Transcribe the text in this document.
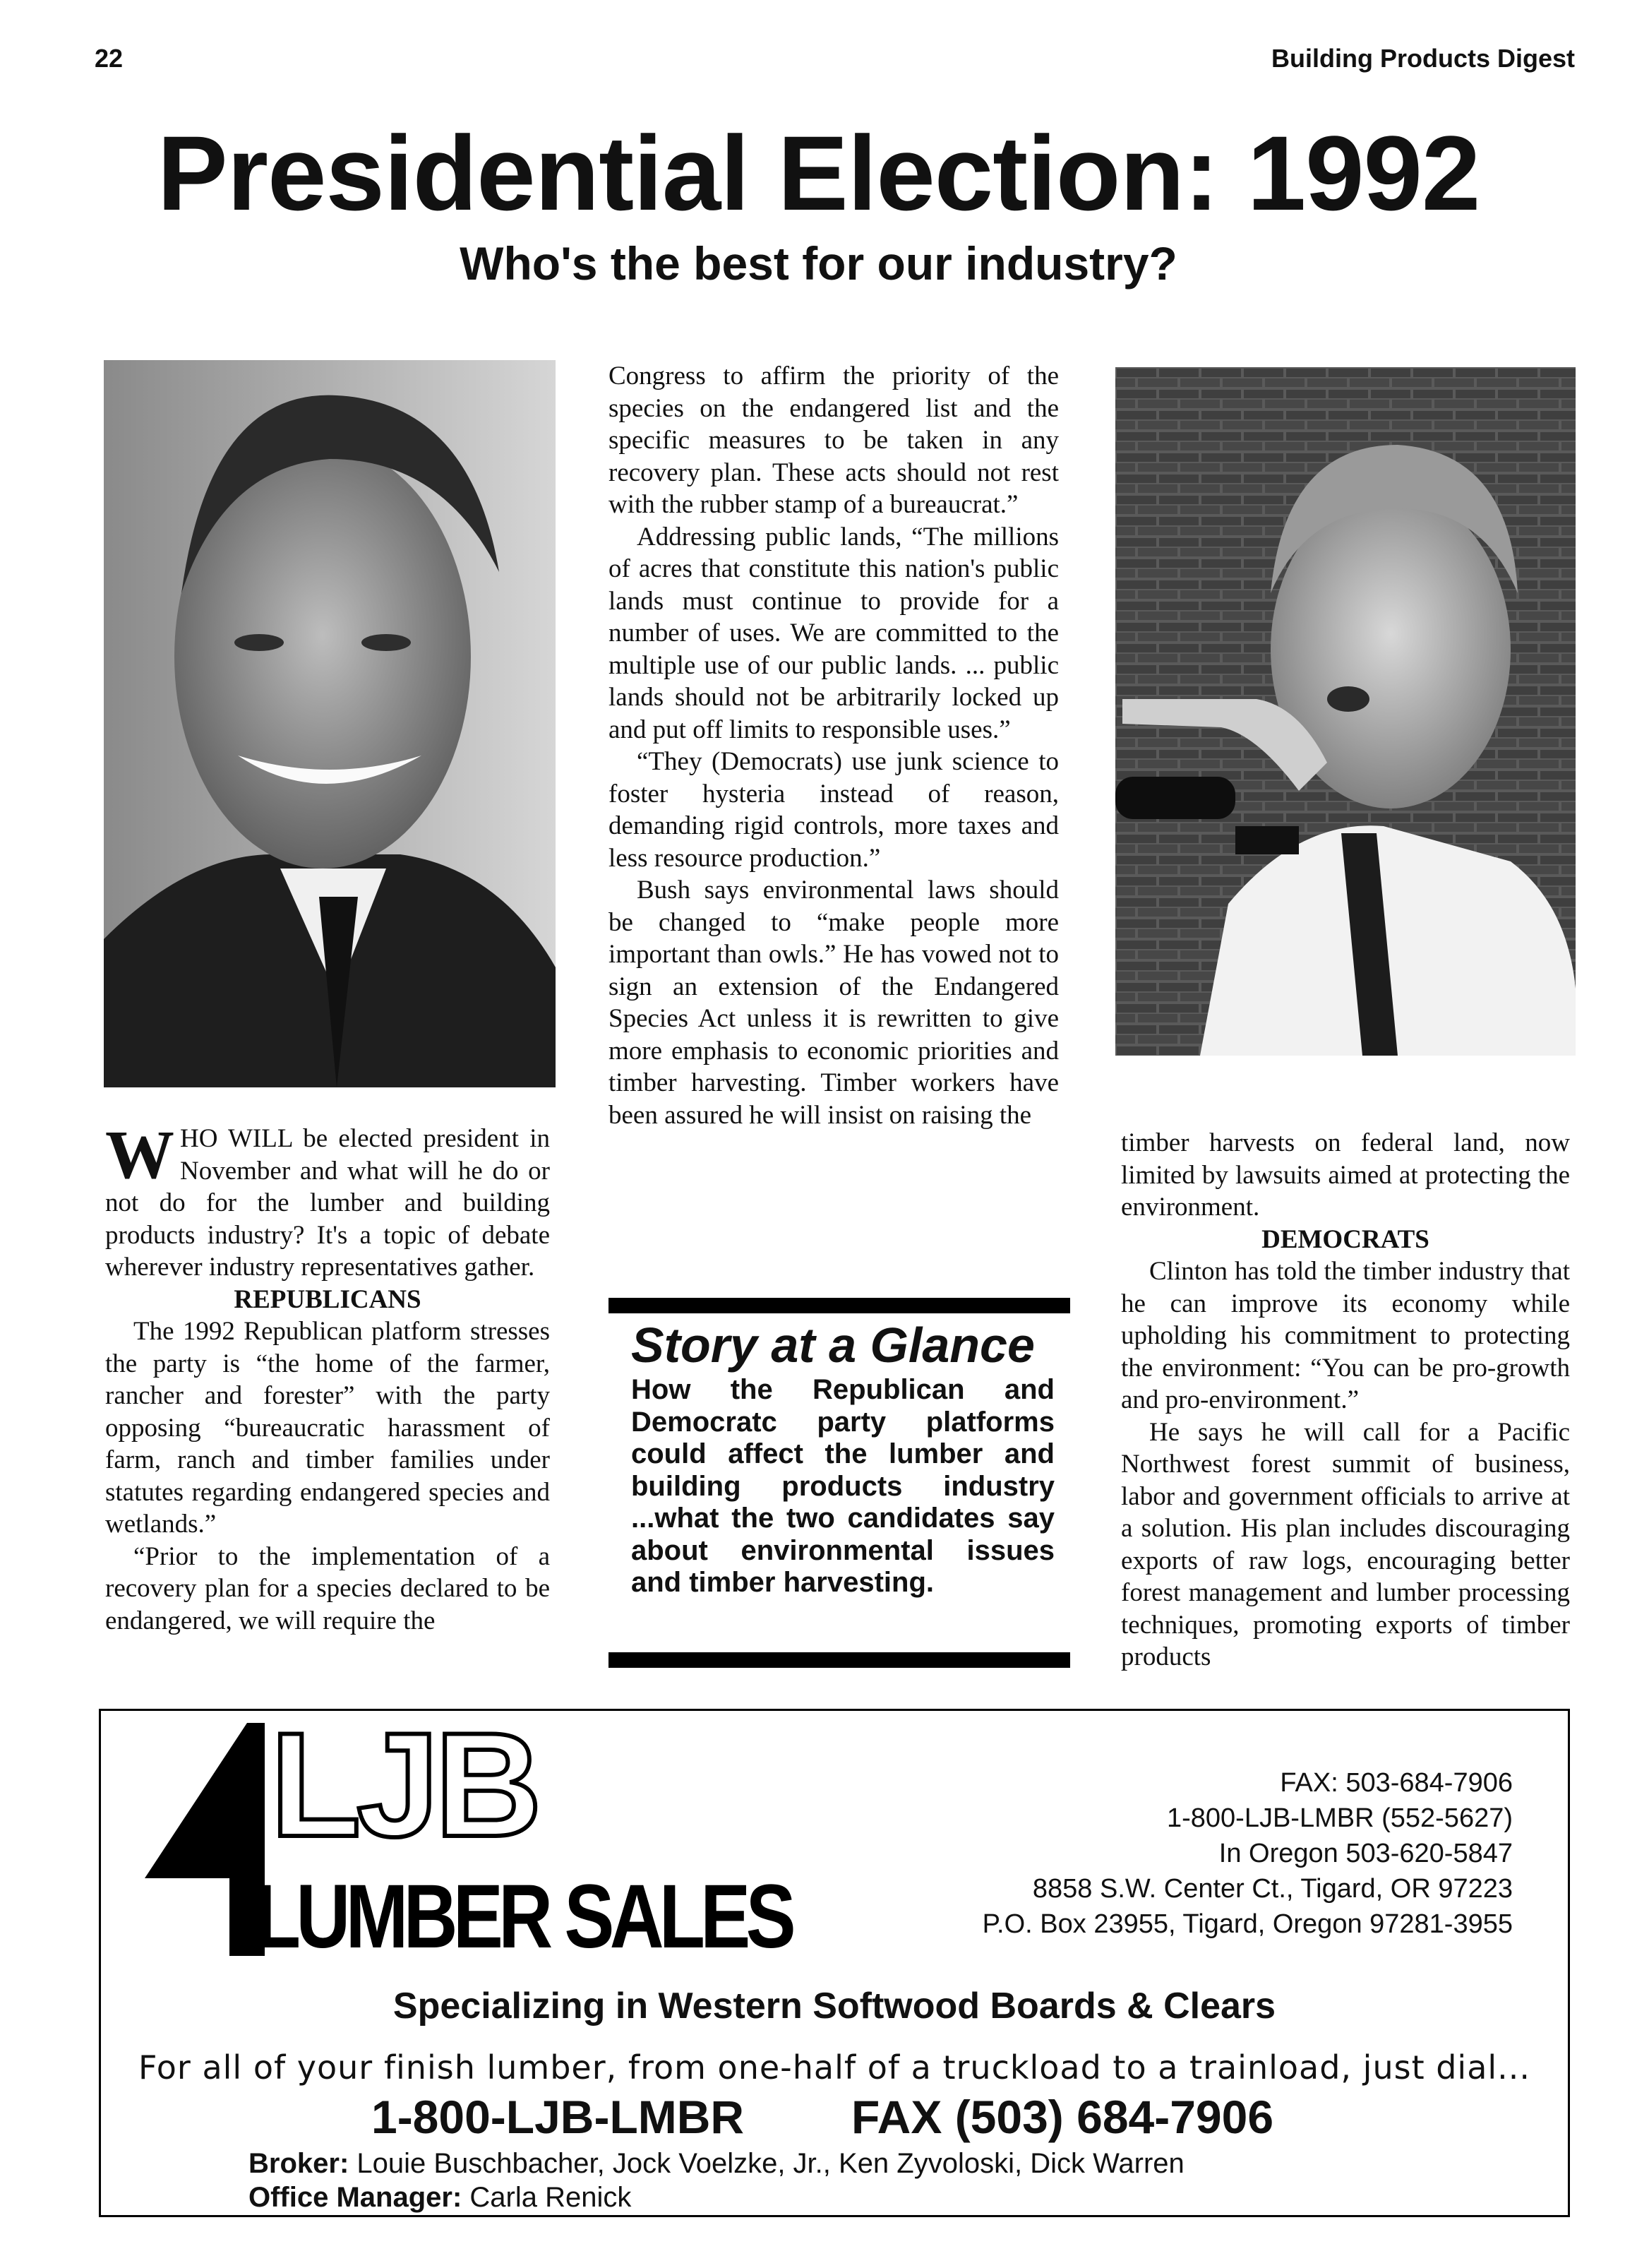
22	Building Products Digest
Presidential Election: 1992
Who's the best for our industry?

WHO WILL be elected president in November and what will he do or not do for the lumber and building products industry? It's a topic of debate wherever industry representatives gather.

REPUBLICANS

The 1992 Republican platform stresses the party is “the home of the farmer, rancher and forester” with the party opposing “bureaucratic harassment of farm, ranch and timber families under statutes regarding endangered species and wetlands.”

“Prior to the implementation of a recovery plan for a species declared to be endangered, we will require the

Congress to affirm the priority of the species on the endangered list and the specific measures to be taken in any recovery plan. These acts should not rest with the rubber stamp of a bureaucrat.”

Addressing public lands, “The millions of acres that constitute this nation's public lands must continue to provide for a number of uses. We are committed to the multiple use of our public lands. ... public lands should not be arbitrarily locked up and put off limits to responsible uses.”

“They (Democrats) use junk science to foster hysteria instead of reason, demanding rigid controls, more taxes and less resource production.”

Bush says environmental laws should be changed to “make people more important than owls.” He has vowed not to sign an extension of the Endangered Species Act unless it is rewritten to give more emphasis to economic priorities and timber harvesting. Timber workers have been assured he will insist on raising the

Story at a Glance
How the Republican and Democratc party platforms could affect the lumber and building products industry ...what the two candidates say about environmental issues and timber harvesting.

timber harvests on federal land, now limited by lawsuits aimed at protecting the environment.

DEMOCRATS

Clinton has told the timber industry that he can improve its economy while upholding his commitment to protecting the environment: “You can be pro-growth and pro-environment.”

He says he will call for a Pacific Northwest forest summit of business, labor and government officials to arrive at a solution. His plan includes discouraging exports of raw logs, encouraging better forest management and lumber processing techniques, promoting exports of timber products

LJB
LUMBER SALES
FAX: 503-684-7906
1-800-LJB-LMBR (552-5627)
In Oregon 503-620-5847
8858 S.W. Center Ct., Tigard, OR 97223
P.O. Box 23955, Tigard, Oregon 97281-3955
Specializing in Western Softwood Boards & Clears
For all of your finish lumber, from one-half of a truckload to a trainload, just dial...
1-800-LJB-LMBR FAX (503) 684-7906
Broker: Louie Buschbacher, Jock Voelzke, Jr., Ken Zyvoloski, Dick Warren
Office Manager: Carla Renick
